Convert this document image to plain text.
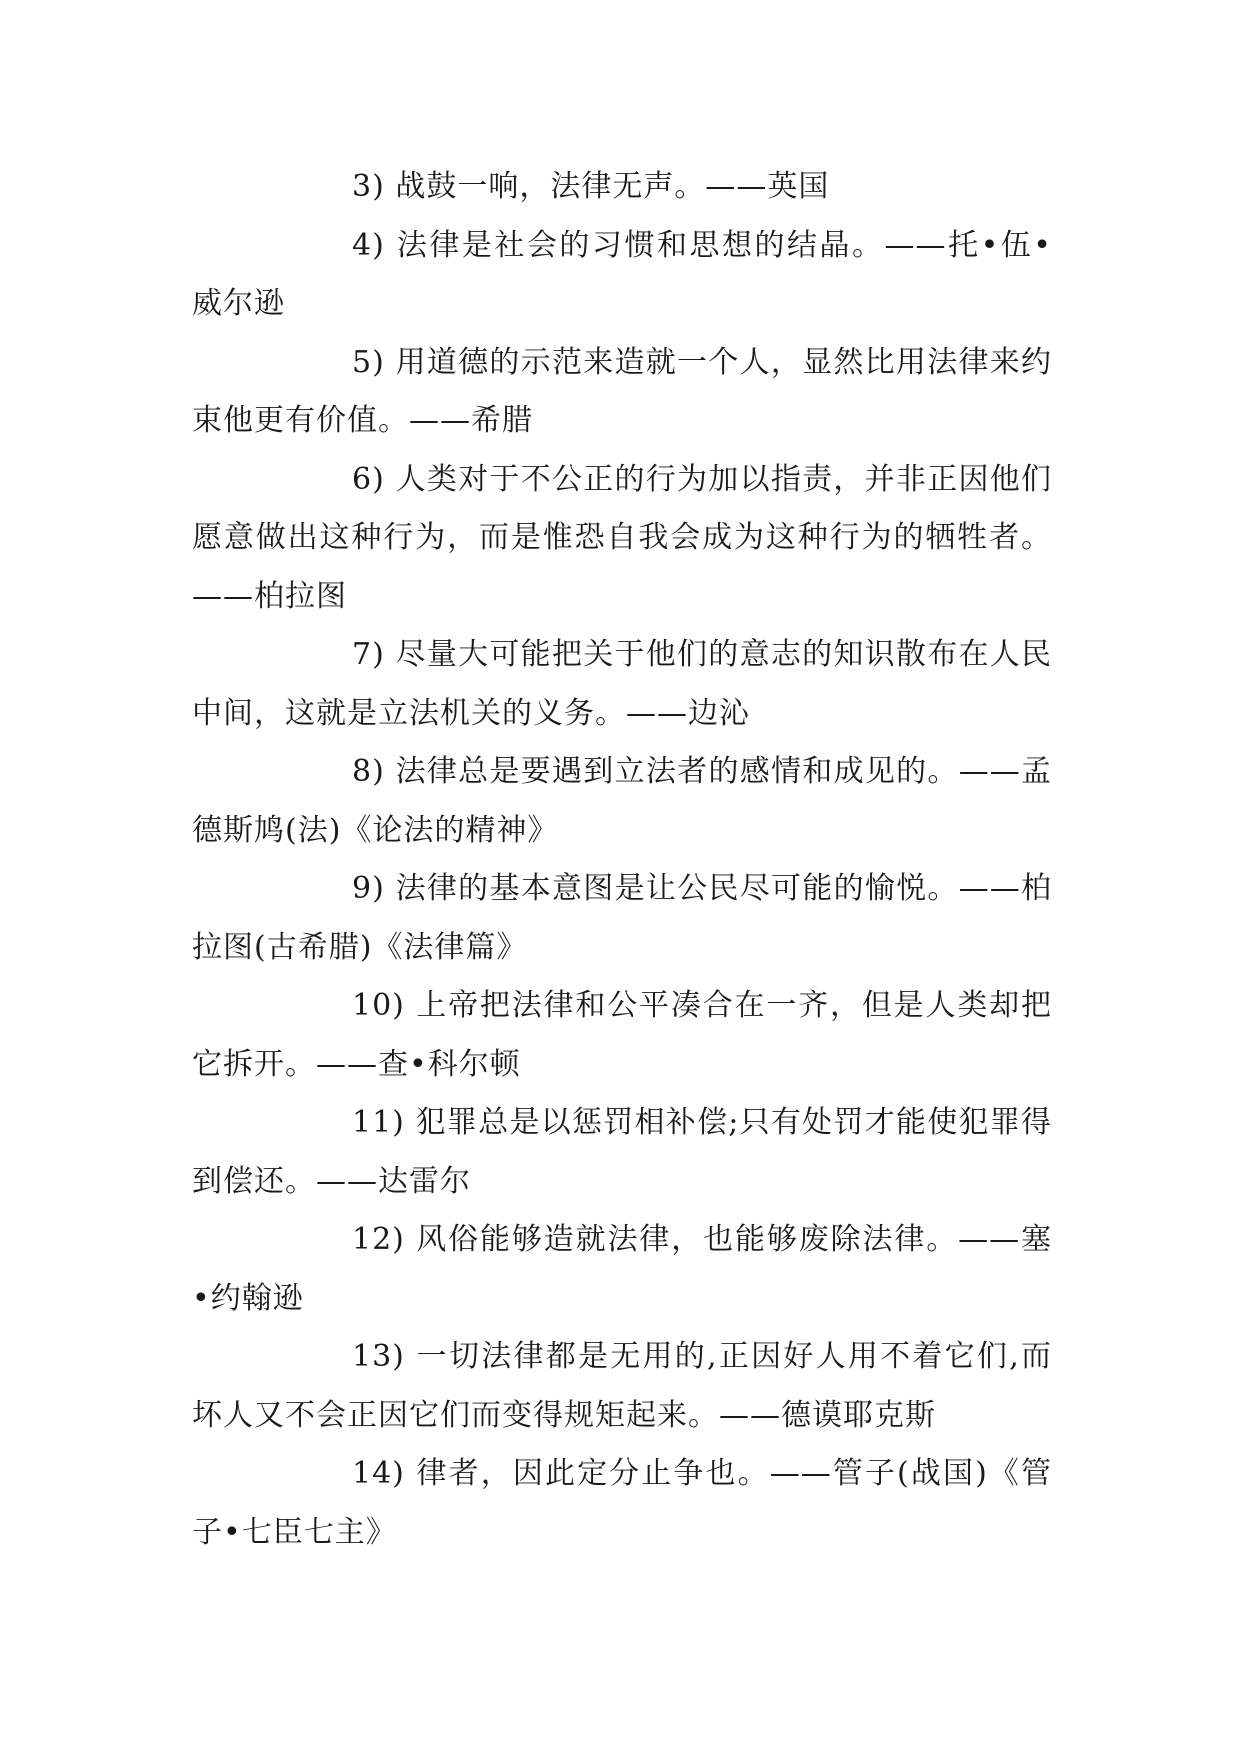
3) 战鼓一响，法律无声。——英国

4) 法律是社会的习惯和思想的结晶。——托•伍•威尔逊

5) 用道德的示范来造就一个人，显然比用法律来约束他更有价值。——希腊

6) 人类对于不公正的行为加以指责，并非正因他们愿意做出这种行为，而是惟恐自我会成为这种行为的牺牲者。——柏拉图

7) 尽量大可能把关于他们的意志的知识散布在人民中间，这就是立法机关的义务。——边沁

8) 法律总是要遇到立法者的感情和成见的。——孟德斯鸠(法)《论法的精神》

9) 法律的基本意图是让公民尽可能的愉悦。——柏拉图(古希腊)《法律篇》

10) 上帝把法律和公平凑合在一齐，但是人类却把它拆开。——查•科尔顿

11) 犯罪总是以惩罚相补偿;只有处罚才能使犯罪得到偿还。——达雷尔

12) 风俗能够造就法律，也能够废除法律。——塞•约翰逊

13) 一切法律都是无用的,正因好人用不着它们,而坏人又不会正因它们而变得规矩起来。——德谟耶克斯

14) 律者，因此定分止争也。——管子(战国)《管子•七臣七主》
